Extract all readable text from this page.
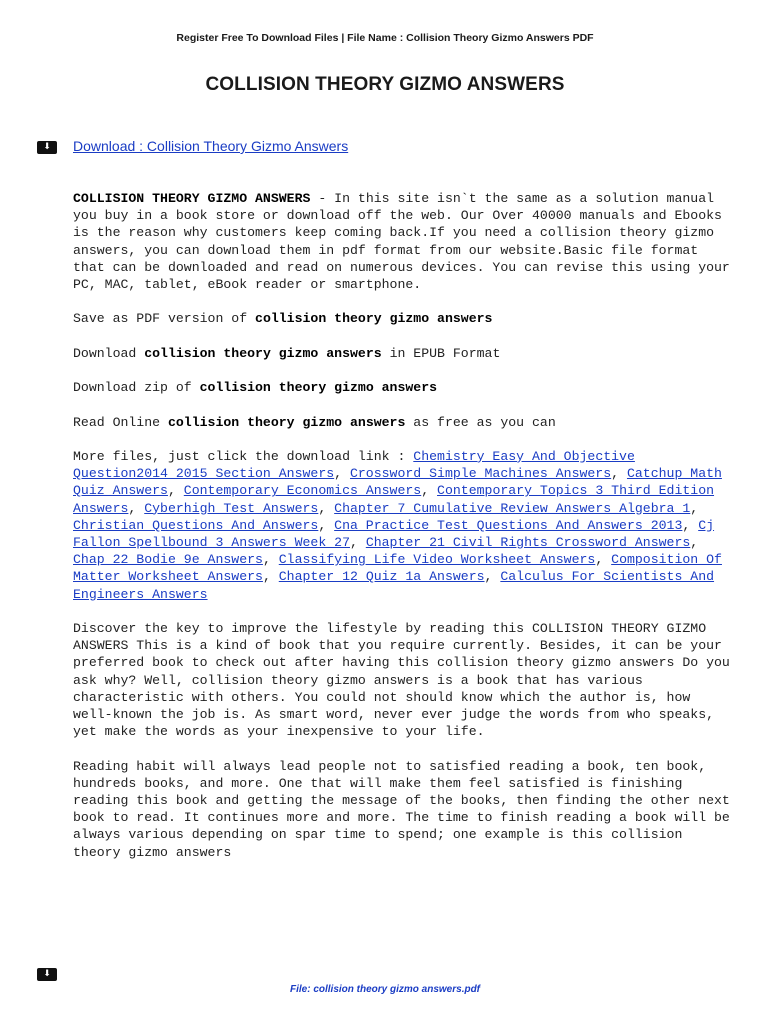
Register Free To Download Files | File Name : Collision Theory Gizmo Answers PDF
COLLISION THEORY GIZMO ANSWERS
⬇	Download : Collision Theory Gizmo Answers

COLLISION THEORY GIZMO ANSWERS - In this site isn`t the same as a solution manual you buy in a book store or download off the web. Our Over 40000 manuals and Ebooks is the reason why customers keep coming back.If you need a collision theory gizmo answers, you can download them in pdf format from our website.Basic file format that can be downloaded and read on numerous devices. You can revise this using your PC, MAC, tablet, eBook reader or smartphone.

Save as PDF version of collision theory gizmo answers

Download collision theory gizmo answers in EPUB Format

Download zip of collision theory gizmo answers

Read Online collision theory gizmo answers as free as you can

More files, just click the download link : Chemistry Easy And Objective Question2014 2015 Section Answers, Crossword Simple Machines Answers, Catchup Math Quiz Answers, Contemporary Economics Answers, Contemporary Topics 3 Third Edition Answers, Cyberhigh Test Answers, Chapter 7 Cumulative Review Answers Algebra 1, Christian Questions And Answers, Cna Practice Test Questions And Answers 2013, Cj Fallon Spellbound 3 Answers Week 27, Chapter 21 Civil Rights Crossword Answers, Chap 22 Bodie 9e Answers, Classifying Life Video Worksheet Answers, Composition Of Matter Worksheet Answers, Chapter 12 Quiz 1a Answers, Calculus For Scientists And Engineers Answers

Discover the key to improve the lifestyle by reading this COLLISION THEORY GIZMO ANSWERS This is a kind of book that you require currently. Besides, it can be your preferred book to check out after having this collision theory gizmo answers Do you ask why? Well, collision theory gizmo answers is a book that has various characteristic with others. You could not should know which the author is, how well-known the job is. As smart word, never ever judge the words from who speaks, yet make the words as your inexpensive to your life.

Reading habit will always lead people not to satisfied reading a book, ten book, hundreds books, and more. One that will make them feel satisfied is finishing reading this book and getting the message of the books, then finding the other next book to read. It continues more and more. The time to finish reading a book will be always various depending on spar time to spend; one example is this collision theory gizmo answers

⬇
File: collision theory gizmo answers.pdf
